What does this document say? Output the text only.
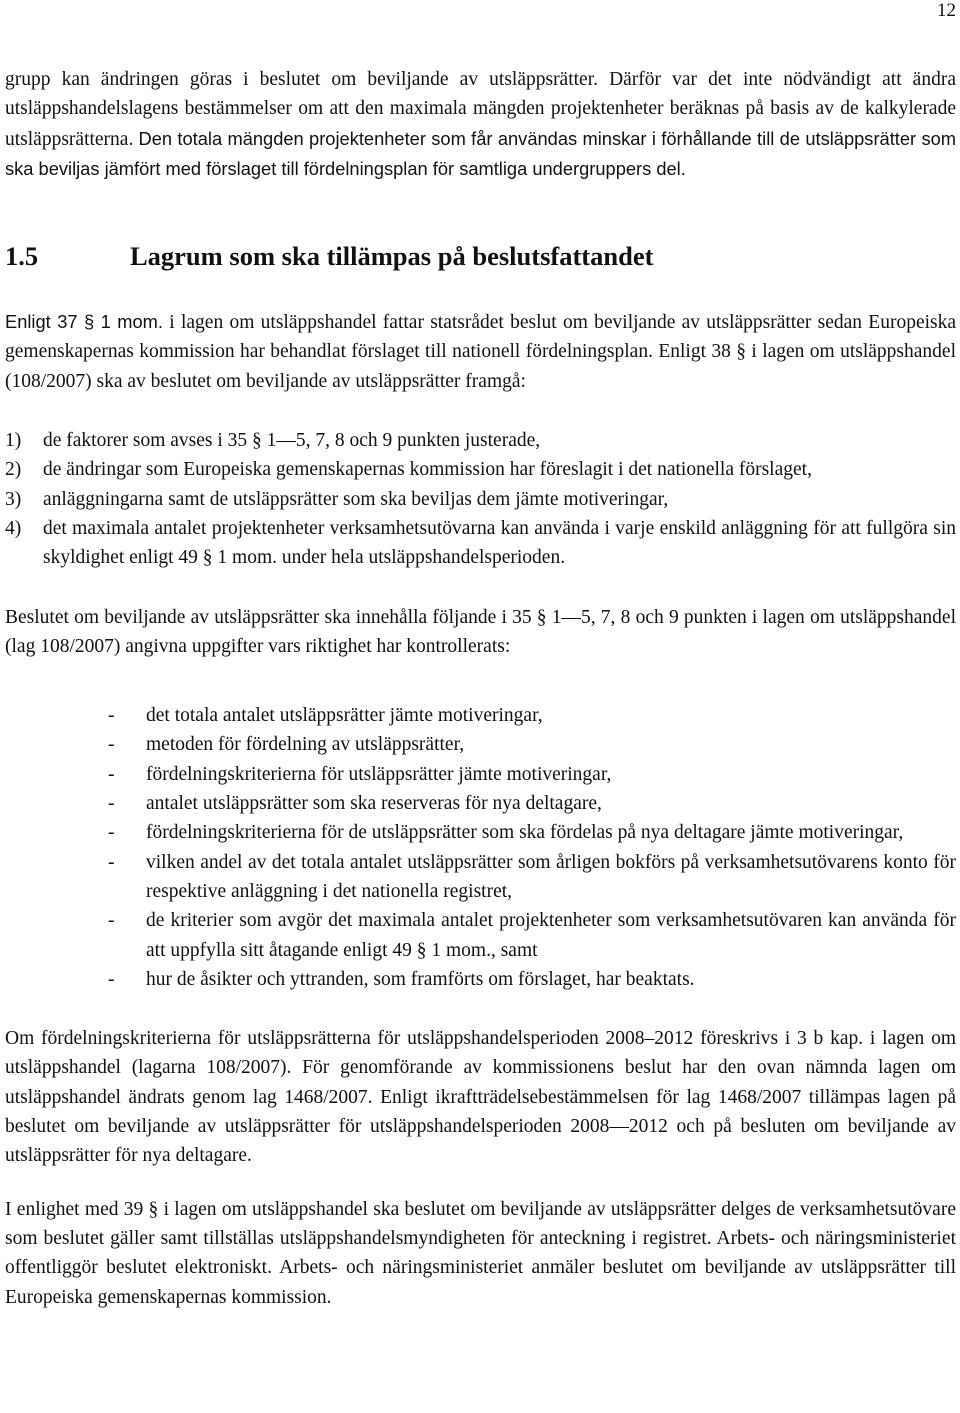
12

grupp kan ändringen göras i beslutet om beviljande av utsläppsrätter. Därför var det inte nödvändigt att ändra utsläppshandelslagens bestämmelser om att den maximala mängden projektenheter beräknas på basis av de kalkylerade utsläppsrätterna. Den totala mängden projektenheter som får användas minskar i förhållande till de utsläppsrätter som ska beviljas jämfört med förslaget till fördelningsplan för samtliga undergruppers del.

1.5	Lagrum som ska tillämpas på beslutsfattandet

Enligt 37 § 1 mom. i lagen om utsläppshandel fattar statsrådet beslut om beviljande av utsläppsrätter sedan Europeiska gemenskapernas kommission har behandlat förslaget till nationell fördelningsplan. Enligt 38 § i lagen om utsläppshandel (108/2007) ska av beslutet om beviljande av utsläppsrätter framgå:

1)	de faktorer som avses i 35 § 1—5, 7, 8 och 9 punkten justerade,
2)	de ändringar som Europeiska gemenskapernas kommission har föreslagit i det nationella förslaget,
3)	anläggningarna samt de utsläppsrätter som ska beviljas dem jämte motiveringar,
4)	det maximala antalet projektenheter verksamhetsutövarna kan använda i varje enskild anläggning för att fullgöra sin skyldighet enligt 49 § 1 mom. under hela utsläppshandelsperioden.

Beslutet om beviljande av utsläppsrätter ska innehålla följande i 35 § 1—5, 7, 8 och 9 punkten i lagen om utsläppshandel (lag 108/2007) angivna uppgifter vars riktighet har kontrollerats:

-	det totala antalet utsläppsrätter jämte motiveringar,
-	metoden för fördelning av utsläppsrätter,
-	fördelningskriterierna för utsläppsrätter jämte motiveringar,
-	antalet utsläppsrätter som ska reserveras för nya deltagare,
-	fördelningskriterierna för de utsläppsrätter som ska fördelas på nya deltagare jämte motiveringar,
-	vilken andel av det totala antalet utsläppsrätter som årligen bokförs på verksamhetsutövarens konto för respektive anläggning i det nationella registret,
-	de kriterier som avgör det maximala antalet projektenheter som verksamhetsutövaren kan använda för att uppfylla sitt åtagande enligt 49 § 1 mom., samt
-	hur de åsikter och yttranden, som framförts om förslaget, har beaktats.

Om fördelningskriterierna för utsläppsrätterna för utsläppshandelsperioden 2008–2012 föreskrivs i 3 b kap. i lagen om utsläppshandel (lagarna 108/2007). För genomförande av kommissionens beslut har den ovan nämnda lagen om utsläppshandel ändrats genom lag 1468/2007. Enligt ikraftträdelsebestämmelsen för lag 1468/2007 tillämpas lagen på beslutet om beviljande av utsläppsrätter för utsläppshandelsperioden 2008—2012 och på besluten om beviljande av utsläppsrätter för nya deltagare.

I enlighet med 39 § i lagen om utsläppshandel ska beslutet om beviljande av utsläppsrätter delges de verksamhetsutövare som beslutet gäller samt tillställas utsläppshandelsmyndigheten för anteckning i registret. Arbets- och näringsministeriet offentliggör beslutet elektroniskt. Arbets- och näringsministeriet anmäler beslutet om beviljande av utsläppsrätter till Europeiska gemenskapernas kommission.
